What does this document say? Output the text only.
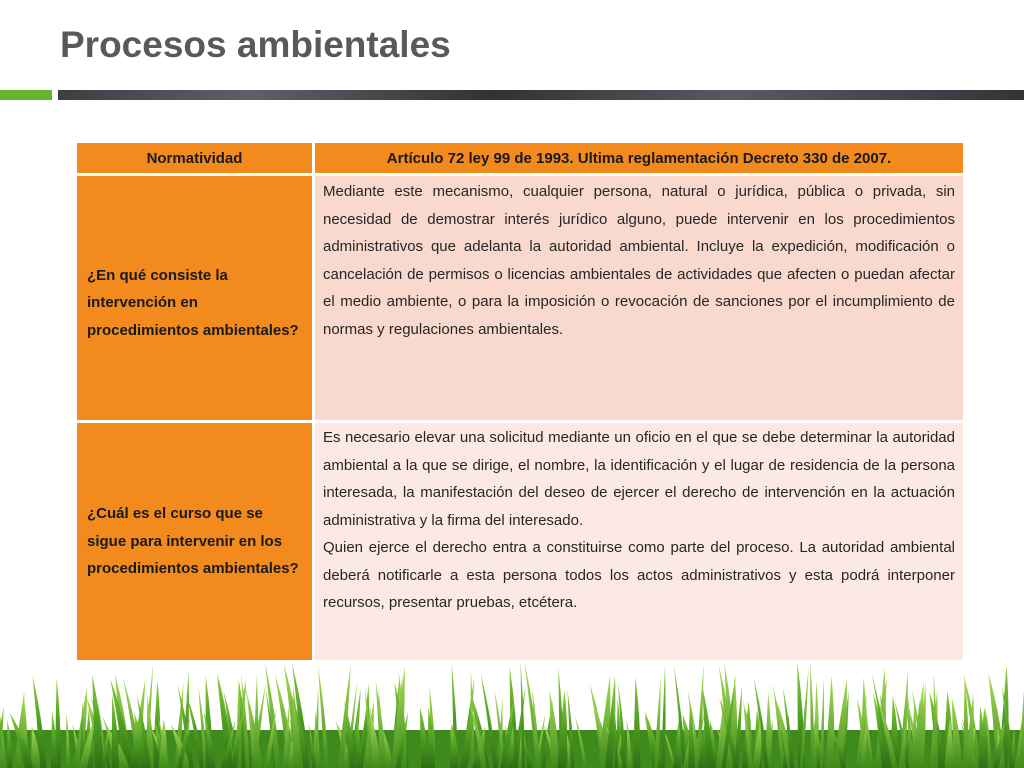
Procesos ambientales
Normatividad	Artículo 72 ley 99 de 1993. Ultima reglamentación Decreto 330 de 2007.
¿En qué consiste la intervención en procedimientos ambientales?	Mediante este mecanismo, cualquier persona, natural o jurídica, pública o privada, sin necesidad de demostrar interés jurídico alguno, puede intervenir en los procedimientos administrativos que adelanta la autoridad ambiental. Incluye la expedición, modificación o cancelación de permisos o licencias ambientales de actividades que afecten o puedan afectar el medio ambiente, o para la imposición o revocación de sanciones por el incumplimiento de normas y regulaciones ambientales.

¿Cuál es el curso que se sigue para intervenir en los procedimientos ambientales?	Es necesario elevar una solicitud mediante un oficio en el que se debe determinar la autoridad ambiental a la que se dirige, el nombre, la identificación y el lugar de residencia de la persona interesada, la manifestación del deseo de ejercer el derecho de intervención en la actuación administrativa y la firma del interesado.

Quien ejerce el derecho entra a constituirse como parte del proceso. La autoridad ambiental deberá notificarle a esta persona todos los actos administrativos y esta podrá interponer recursos, presentar pruebas, etcétera.
